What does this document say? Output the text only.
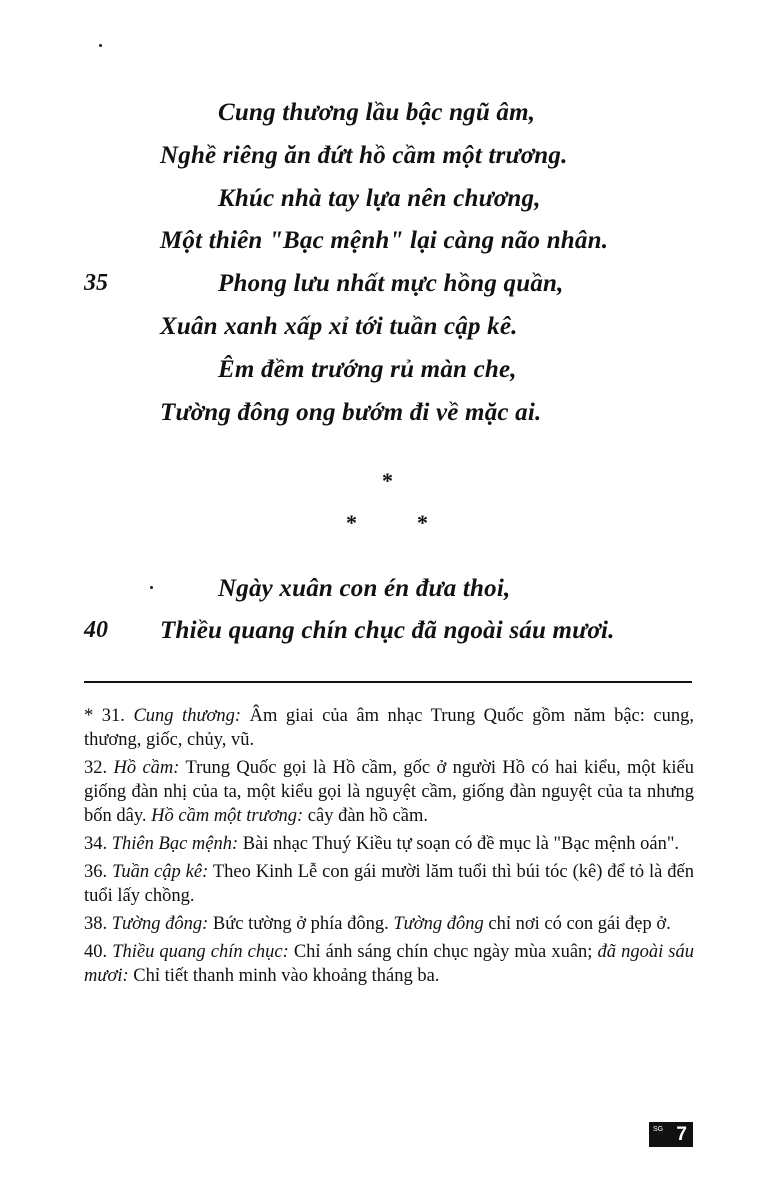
Cung thương lầu bậc ngũ âm,
Nghề riêng ăn đứt hồ cầm một trương.
Khúc nhà tay lựa nên chương,
Một thiên "Bạc mệnh" lại càng não nhân.
35	Phong lưu nhất mực hồng quần,
Xuân xanh xấp xỉ tới tuần cập kê.
Êm đềm trướng rủ màn che,
Tường đông ong bướm đi về mặc ai.
*
*	*
Ngày xuân con én đưa thoi,
40 Thiều quang chín chục đã ngoài sáu mươi.

* 31. Cung thương: Âm giai của âm nhạc Trung Quốc gồm năm bậc: cung, thương, giốc, chủy, vũ.

32. Hồ cầm: Trung Quốc gọi là Hồ cầm, gốc ở người Hồ có hai kiểu, một kiểu giống đàn nhị của ta, một kiểu gọi là nguyệt cầm, giống đàn nguyệt của ta nhưng bốn dây. Hồ cầm một trương: cây đàn hồ cầm.

34. Thiên Bạc mệnh: Bài nhạc Thuý Kiều tự soạn có đề mục là "Bạc mệnh oán".

36. Tuần cập kê: Theo Kinh Lễ con gái mười lăm tuổi thì búi tóc (kê) để tỏ là đến tuổi lấy chồng.

38. Tường đông: Bức tường ở phía đông. Tường đông chỉ nơi có con gái đẹp ở.

40. Thiều quang chín chục: Chỉ ánh sáng chín chục ngày mùa xuân; đã ngoài sáu mươi: Chỉ tiết thanh minh vào khoảng tháng ba.

SG 7
